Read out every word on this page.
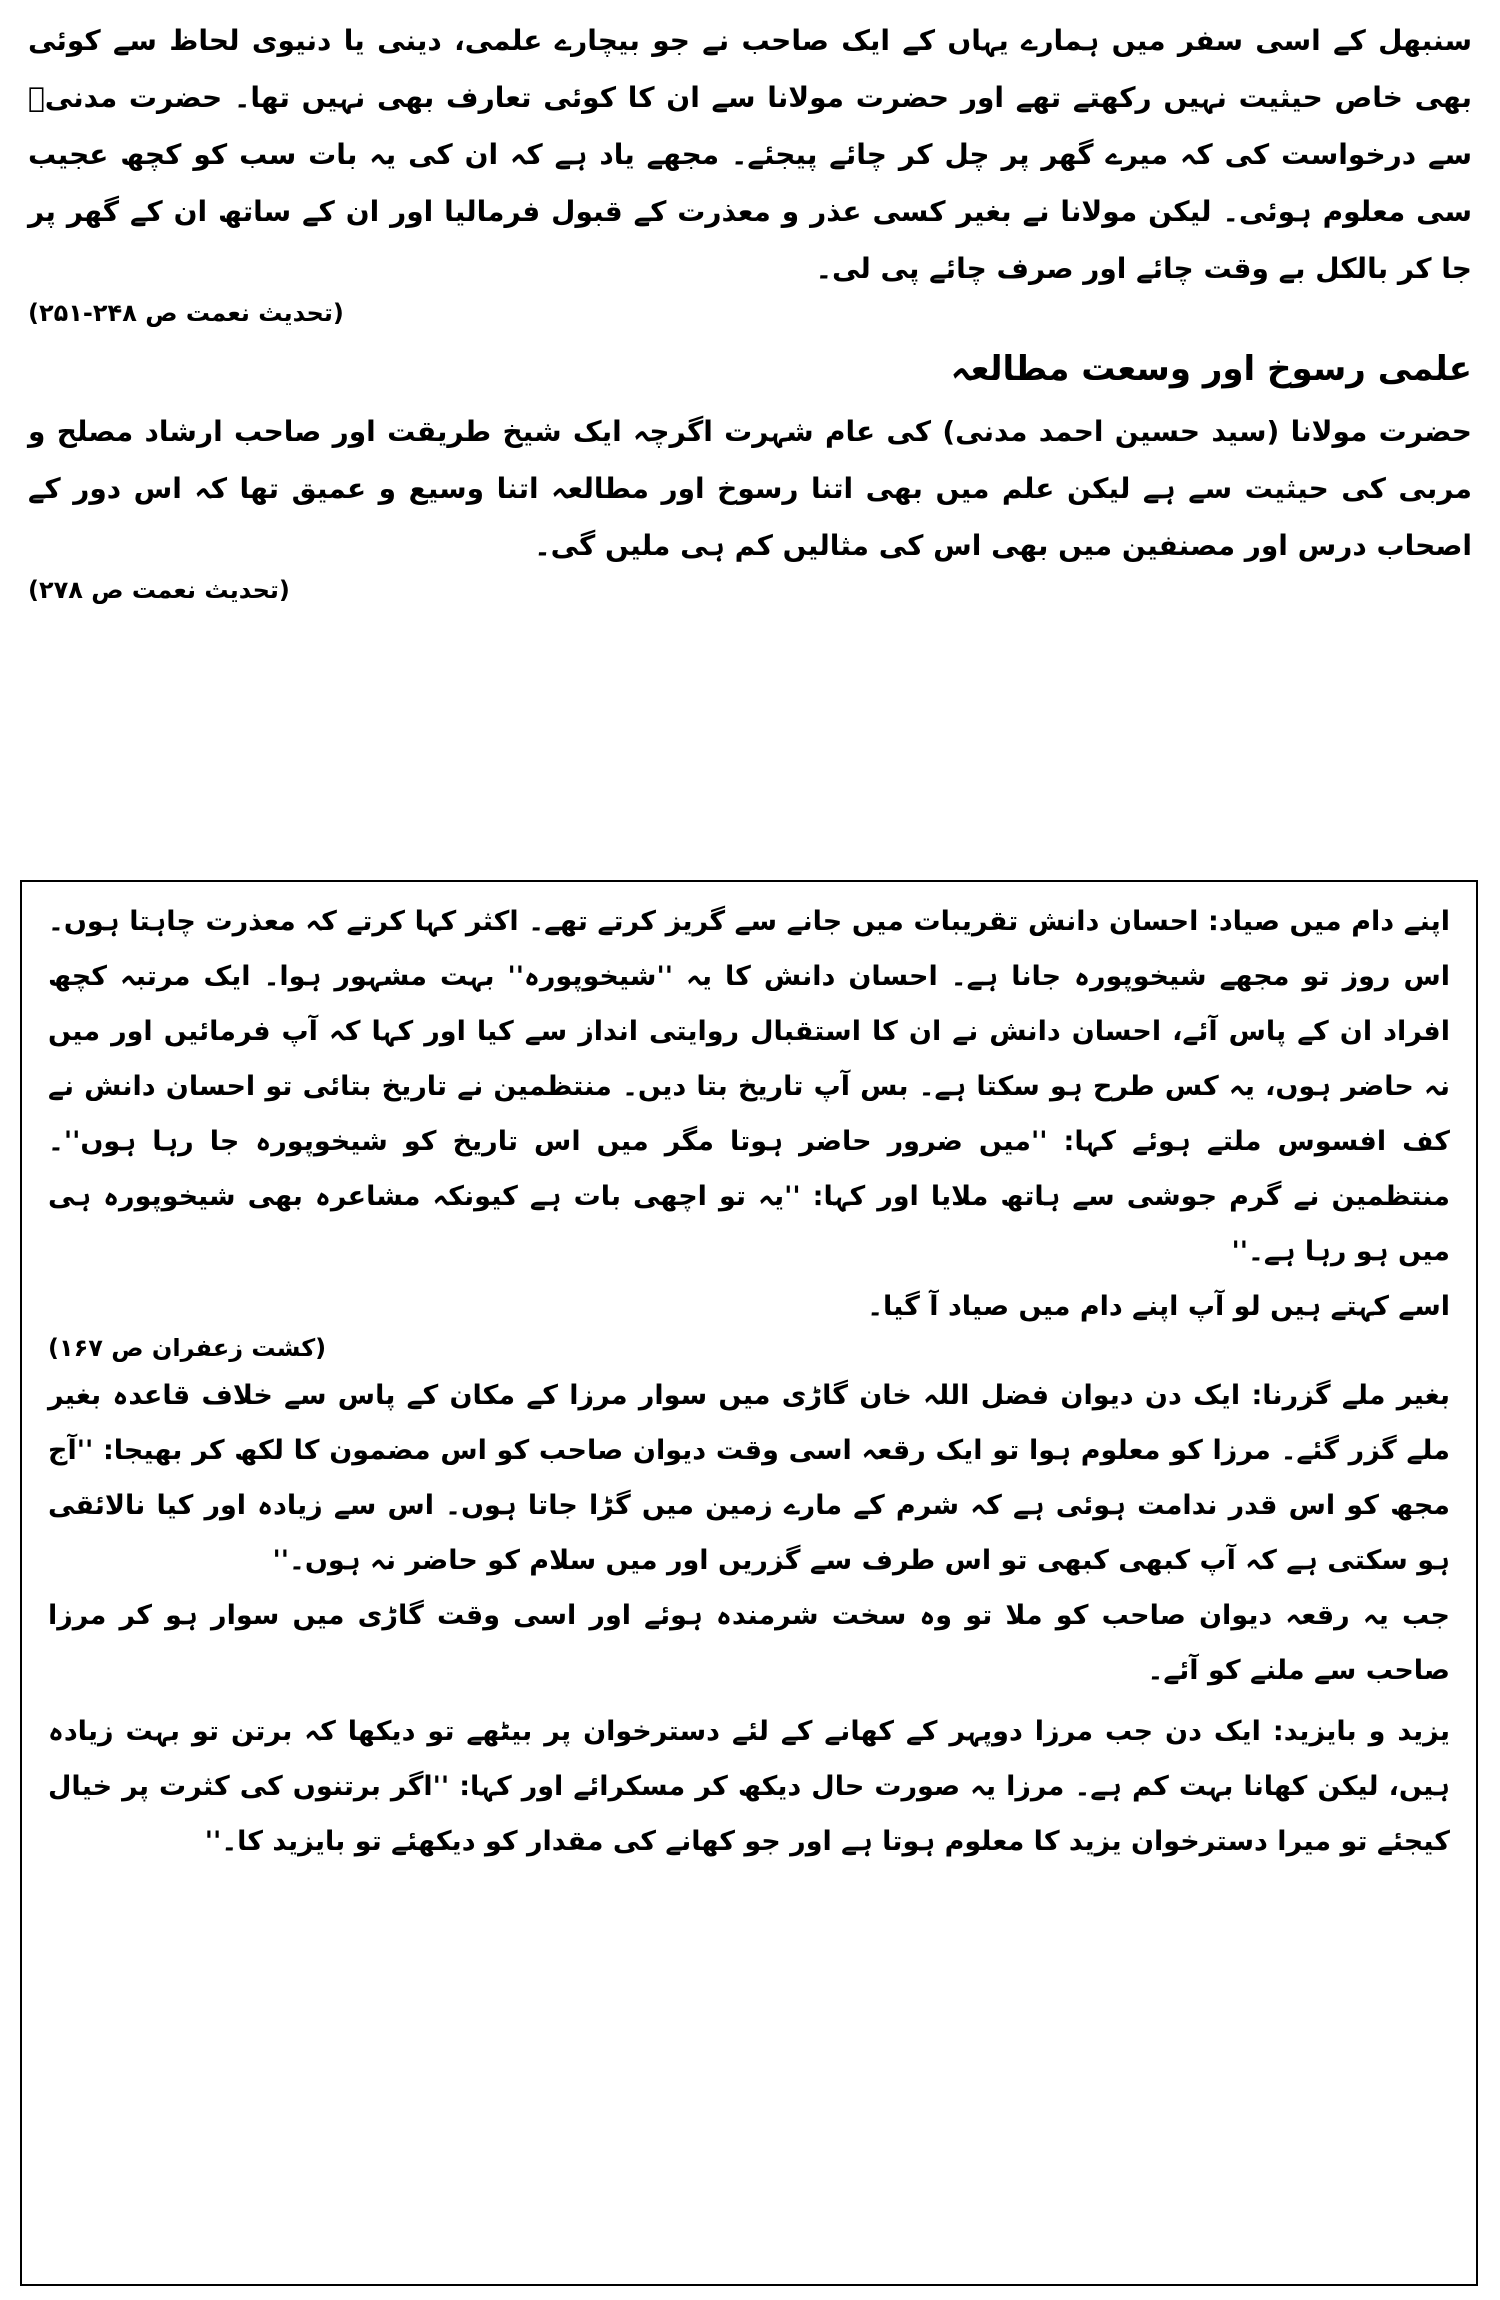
سنبھل کے اسی سفر میں ہمارے یہاں کے ایک صاحب نے جو بیچارے علمی، دینی یا دنیوی لحاظ سے کوئی بھی خاص حیثیت نہیں رکھتے تھے اور حضرت مولانا سے ان کا کوئی تعارف بھی نہیں تھا۔ حضرت مدنیؒ سے درخواست کی کہ میرے گھر پر چل کر چائے پیجئے۔ مجھے یاد ہے کہ ان کی یہ بات سب کو کچھ عجیب سی معلوم ہوئی۔ لیکن مولانا نے بغیر کسی عذر و معذرت کے قبول فرمالیا اور ان کے ساتھ ان کے گھر پر جا کر بالکل بے وقت چائے اور صرف چائے پی لی۔

(تحدیث نعمت ص ۲۴۸-۲۵۱)

علمی رسوخ اور وسعت مطالعہ

حضرت مولانا (سید حسین احمد مدنی) کی عام شہرت اگرچہ ایک شیخ طریقت اور صاحب ارشاد مصلح و مربی کی حیثیت سے ہے لیکن علم میں بھی اتنا رسوخ اور مطالعہ اتنا وسیع و عمیق تھا کہ اس دور کے اصحاب درس اور مصنفین میں بھی اس کی مثالیں کم ہی ملیں گی۔

(تحدیث نعمت ص ۲۷۸)

اپنے دام میں صیاد: احسان دانش تقریبات میں جانے سے گریز کرتے تھے۔ اکثر کہا کرتے کہ معذرت چاہتا ہوں۔ اس روز تو مجھے شیخوپورہ جانا ہے۔ احسان دانش کا یہ ''شیخوپورہ'' بہت مشہور ہوا۔ ایک مرتبہ کچھ افراد ان کے پاس آئے، احسان دانش نے ان کا استقبال روایتی انداز سے کیا اور کہا کہ آپ فرمائیں اور میں نہ حاضر ہوں، یہ کس طرح ہو سکتا ہے۔ بس آپ تاریخ بتا دیں۔ منتظمین نے تاریخ بتائی تو احسان دانش نے کف افسوس ملتے ہوئے کہا: ''میں ضرور حاضر ہوتا مگر میں اس تاریخ کو شیخوپورہ جا رہا ہوں''۔ منتظمین نے گرم جوشی سے ہاتھ ملایا اور کہا: ''یہ تو اچھی بات ہے کیونکہ مشاعرہ بھی شیخوپورہ ہی میں ہو رہا ہے۔''

اسے کہتے ہیں لو آپ اپنے دام میں صیاد آ گیا۔

(کشت زعفران ص ۱۶۷)

بغیر ملے گزرنا: ایک دن دیوان فضل اللہ خان گاڑی میں سوار مرزا کے مکان کے پاس سے خلاف قاعدہ بغیر ملے گزر گئے۔ مرزا کو معلوم ہوا تو ایک رقعہ اسی وقت دیوان صاحب کو اس مضمون کا لکھ کر بھیجا: ''آج مجھ کو اس قدر ندامت ہوئی ہے کہ شرم کے مارے زمین میں گڑا جاتا ہوں۔ اس سے زیادہ اور کیا نالائقی ہو سکتی ہے کہ آپ کبھی کبھی تو اس طرف سے گزریں اور میں سلام کو حاضر نہ ہوں۔''

جب یہ رقعہ دیوان صاحب کو ملا تو وہ سخت شرمندہ ہوئے اور اسی وقت گاڑی میں سوار ہو کر مرزا صاحب سے ملنے کو آئے۔

یزید و بایزید: ایک دن جب مرزا دوپہر کے کھانے کے لئے دسترخوان پر بیٹھے تو دیکھا کہ برتن تو بہت زیادہ ہیں، لیکن کھانا بہت کم ہے۔ مرزا یہ صورت حال دیکھ کر مسکرائے اور کہا: ''اگر برتنوں کی کثرت پر خیال کیجئے تو میرا دسترخوان یزید کا معلوم ہوتا ہے اور جو کھانے کی مقدار کو دیکھئے تو بایزید کا۔''
